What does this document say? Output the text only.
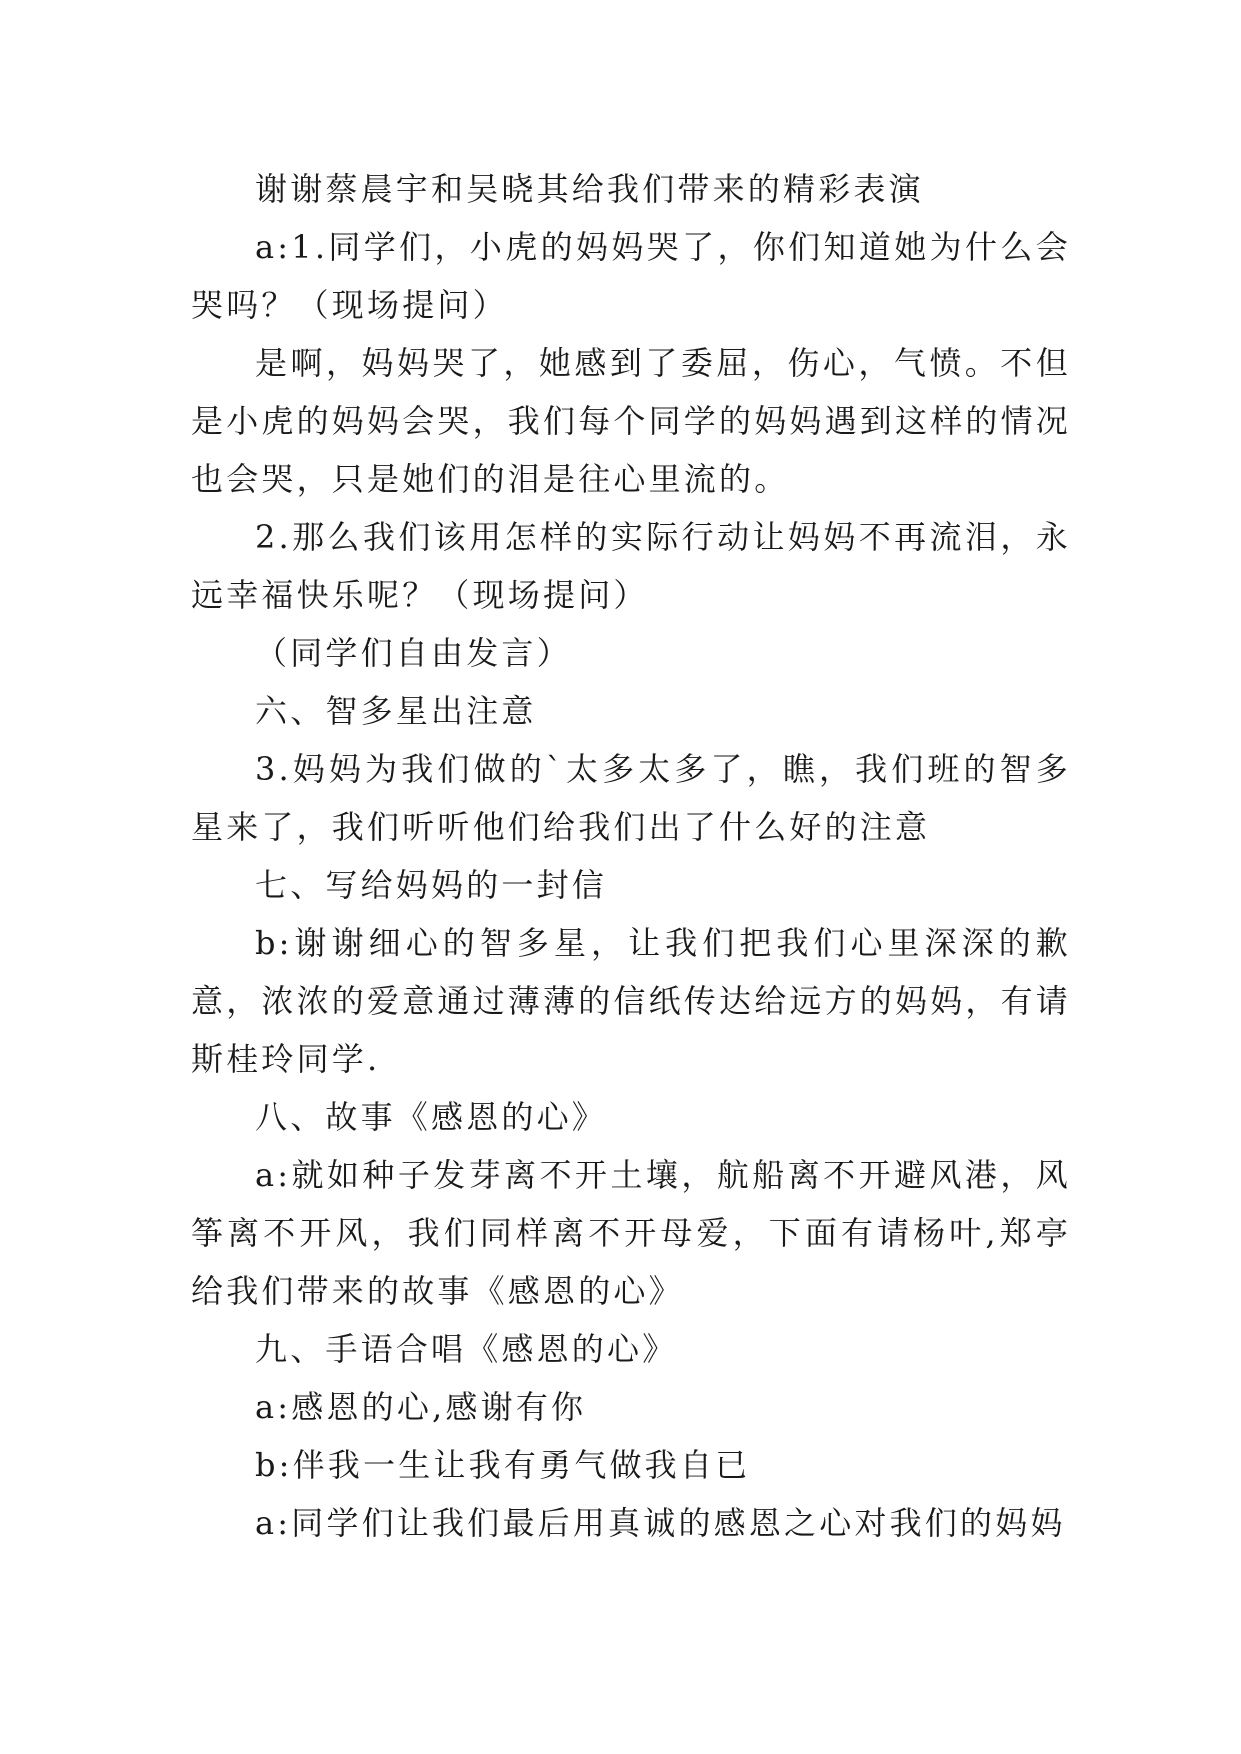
谢谢蔡晨宇和吴晓其给我们带来的精彩表演

a:1.同学们，小虎的妈妈哭了，你们知道她为什么会哭吗？（现场提问）

是啊，妈妈哭了，她感到了委屈，伤心，气愤。不但是小虎的妈妈会哭，我们每个同学的妈妈遇到这样的情况也会哭，只是她们的泪是往心里流的。

2.那么我们该用怎样的实际行动让妈妈不再流泪，永远幸福快乐呢？（现场提问）

（同学们自由发言）

六、智多星出注意

3.妈妈为我们做的`太多太多了，瞧，我们班的智多星来了，我们听听他们给我们出了什么好的注意

七、写给妈妈的一封信

b:谢谢细心的智多星，让我们把我们心里深深的歉意，浓浓的爱意通过薄薄的信纸传达给远方的妈妈，有请斯桂玲同学.

八、故事《感恩的心》

a:就如种子发芽离不开土壤，航船离不开避风港，风筝离不开风，我们同样离不开母爱，下面有请杨叶,郑亭给我们带来的故事《感恩的心》

九、手语合唱《感恩的心》

a:感恩的心,感谢有你

b:伴我一生让我有勇气做我自已

a:同学们让我们最后用真诚的感恩之心对我们的妈妈
